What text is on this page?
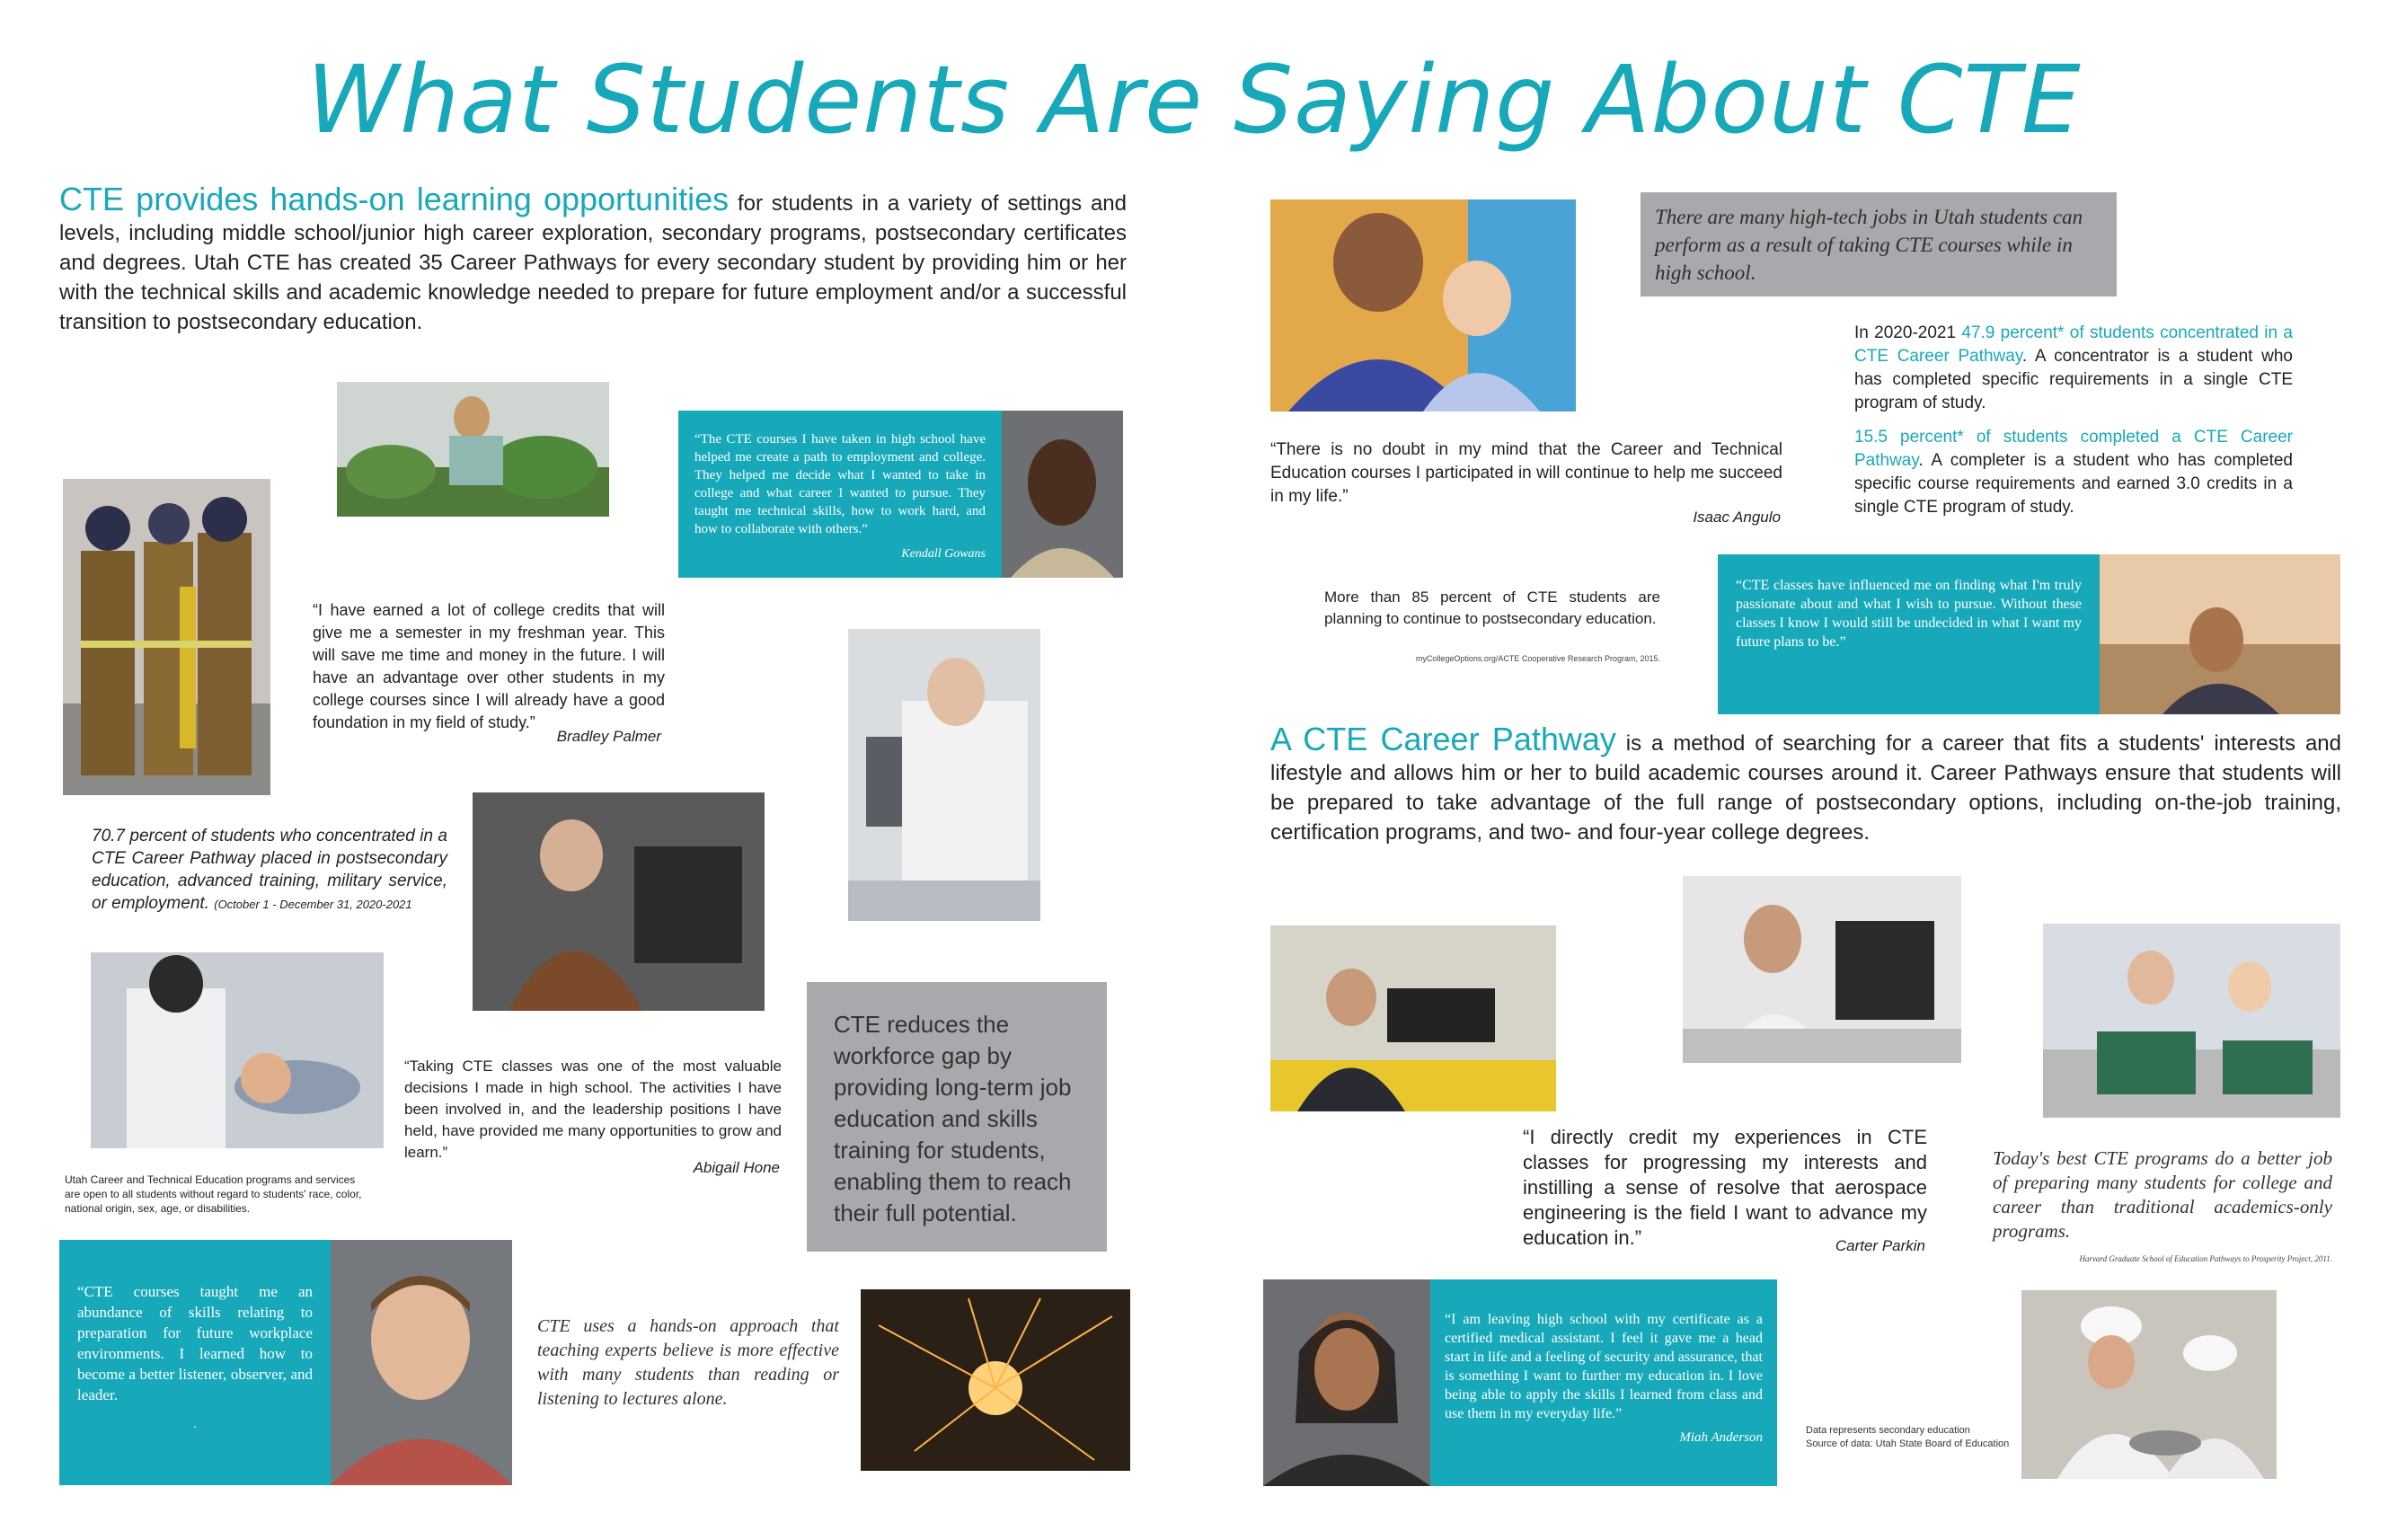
What Students Are Saying About CTE

CTE provides hands-on learning opportunities for students in a variety of settings and levels, including middle school/junior high career exploration, secondary programs, postsecondary certificates and degrees. Utah CTE has created 35 Career Pathways for every secondary student by providing him or her with the technical skills and academic knowledge needed to prepare for future employment and/or a successful transition to postsecondary education.

“The CTE courses I have taken in high school have helped me create a path to employment and college. They helped me decide what I wanted to take in college and what career I wanted to pursue. They taught me technical skills, how to work hard, and how to collaborate with others.”

Kendall Gowans

“I have earned a lot of college credits that will give me a semester in my freshman year. This will save me time and money in the future. I will have an advantage over other students in my college courses since I will already have a good foundation in my field of study.”

Bradley Palmer

70.7 percent of students who concentrated in a CTE Career Pathway placed in postsecondary education, advanced training, military service, or employment. (October 1 - December 31, 2020-2021

“Taking CTE classes was one of the most valuable decisions I made in high school. The activities I have been involved in, and the leadership positions I have held, have provided me many opportunities to grow and learn.”

Abigail Hone

Utah Career and Technical Education programs and services are open to all students without regard to students' race, color, national origin, sex, age, or disabilities.

CTE reduces the workforce gap by providing long-term job education and skills training for students, enabling them to reach their full potential.

“CTE courses taught me an abundance of skills relating to preparation for future workplace environments. I learned how to become a better listener, observer, and leader.

.

CTE uses a hands-on approach that teaching experts believe is more effective with many students than reading or listening to lectures alone.

There are many high-tech jobs in Utah students can perform as a result of taking CTE courses while in high school.

“There is no doubt in my mind that the Career and Technical Education courses I participated in will continue to help me succeed in my life.”

Isaac Angulo

In 2020-2021 47.9 percent* of students concentrated in a CTE Career Pathway. A concentrator is a student who has completed specific requirements in a single CTE program of study.

15.5 percent* of students completed a CTE Career Pathway. A completer is a student who has completed specific course requirements and earned 3.0 credits in a single CTE program of study.

More than 85 percent of CTE students are planning to continue to postsecondary education.

myCollegeOptions.org/ACTE Cooperative Research Program, 2015.

“CTE classes have influenced me on finding what I'm truly passionate about and what I wish to pursue. Without these classes I know I would still be undecided in what I want my future plans to be.”

A CTE Career Pathway is a method of searching for a career that fits a students' interests and lifestyle and allows him or her to build academic courses around it. Career Pathways ensure that students will be prepared to take advantage of the full range of postsecondary options, including on-the-job training, certification programs, and two- and four-year college degrees.

“I directly credit my experiences in CTE classes for progressing my interests and instilling a sense of resolve that aerospace engineering is the field I want to advance my education in.”	Carter Parkin

Today's best CTE programs do a better job of preparing many students for college and career than traditional academics-only programs.

Harvard Graduate School of Education Pathways to Prosperity Project, 2011.

“I am leaving high school with my certificate as a certified medical assistant. I feel it gave me a head start in life and a feeling of security and assurance, that is something I want to further my education in. I love being able to apply the skills I learned from class and use them in my everyday life.”

Miah Anderson	Data represents secondary education
Source of data: Utah State Board of Education
